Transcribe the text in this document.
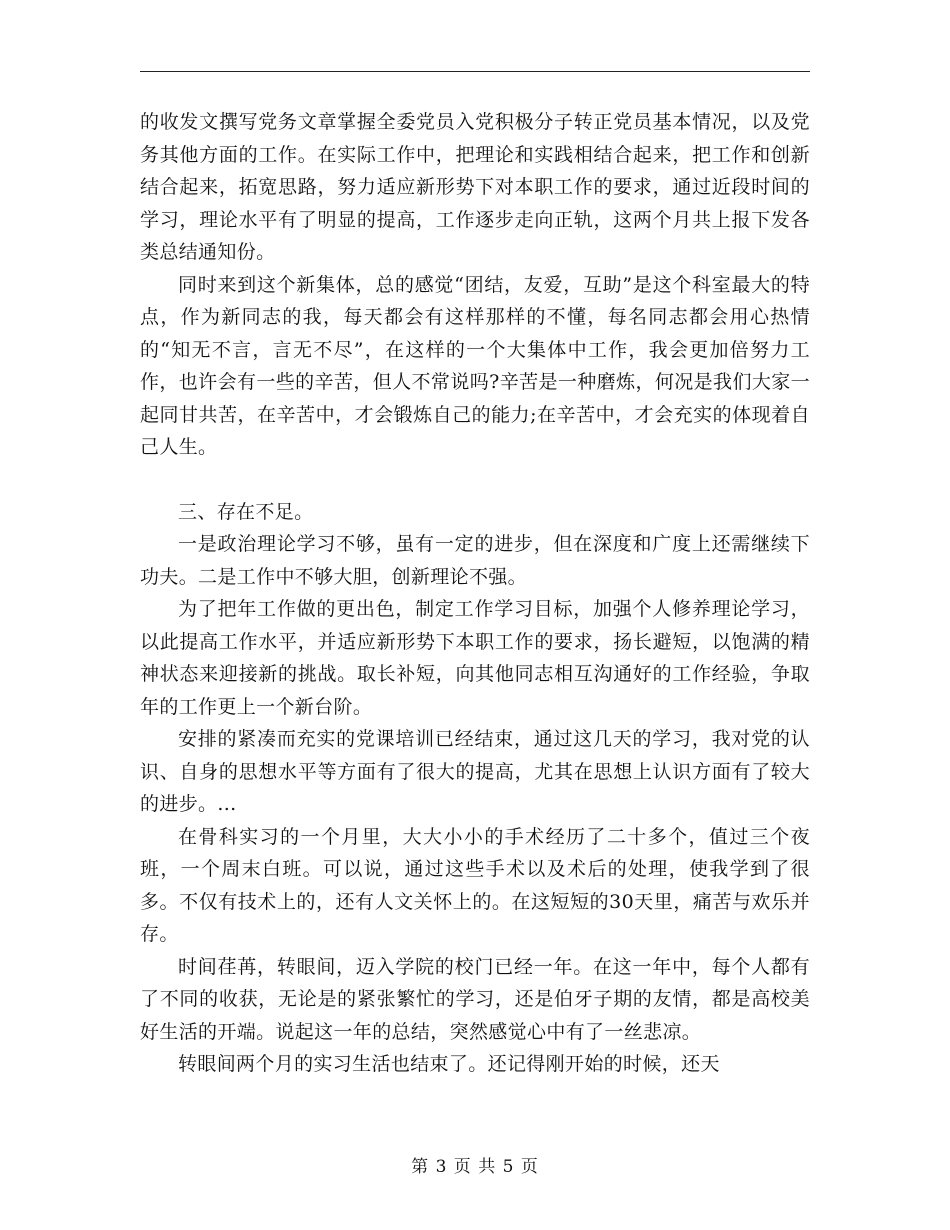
的收发文撰写党务文章掌握全委党员入党积极分子转正党员基本情况，以及党务其他方面的工作。在实际工作中，把理论和实践相结合起来，把工作和创新结合起来，拓宽思路，努力适应新形势下对本职工作的要求，通过近段时间的学习，理论水平有了明显的提高，工作逐步走向正轨，这两个月共上报下发各类总结通知份。

同时来到这个新集体，总的感觉“团结，友爱，互助”是这个科室最大的特点，作为新同志的我，每天都会有这样那样的不懂，每名同志都会用心热情的“知无不言，言无不尽”，在这样的一个大集体中工作，我会更加倍努力工作，也许会有一些的辛苦，但人不常说吗?辛苦是一种磨炼，何况是我们大家一起同甘共苦，在辛苦中，才会锻炼自己的能力;在辛苦中，才会充实的体现着自己人生。

三、存在不足。

一是政治理论学习不够，虽有一定的进步，但在深度和广度上还需继续下功夫。二是工作中不够大胆，创新理论不强。

为了把年工作做的更出色，制定工作学习目标，加强个人修养理论学习，以此提高工作水平，并适应新形势下本职工作的要求，扬长避短，以饱满的精神状态来迎接新的挑战。取长补短，向其他同志相互沟通好的工作经验，争取年的工作更上一个新台阶。

安排的紧凑而充实的党课培训已经结束，通过这几天的学习，我对党的认识、自身的思想水平等方面有了很大的提高，尤其在思想上认识方面有了较大的进步。...

在骨科实习的一个月里，大大小小的手术经历了二十多个，值过三个夜班，一个周末白班。可以说，通过这些手术以及术后的处理，使我学到了很多。不仅有技术上的，还有人文关怀上的。在这短短的30天里，痛苦与欢乐并存。

时间荏苒，转眼间，迈入学院的校门已经一年。在这一年中，每个人都有了不同的收获，无论是的紧张繁忙的学习，还是伯牙子期的友情，都是高校美好生活的开端。说起这一年的总结，突然感觉心中有了一丝悲凉。

转眼间两个月的实习生活也结束了。还记得刚开始的时候，还天

第 3 页 共 5 页
